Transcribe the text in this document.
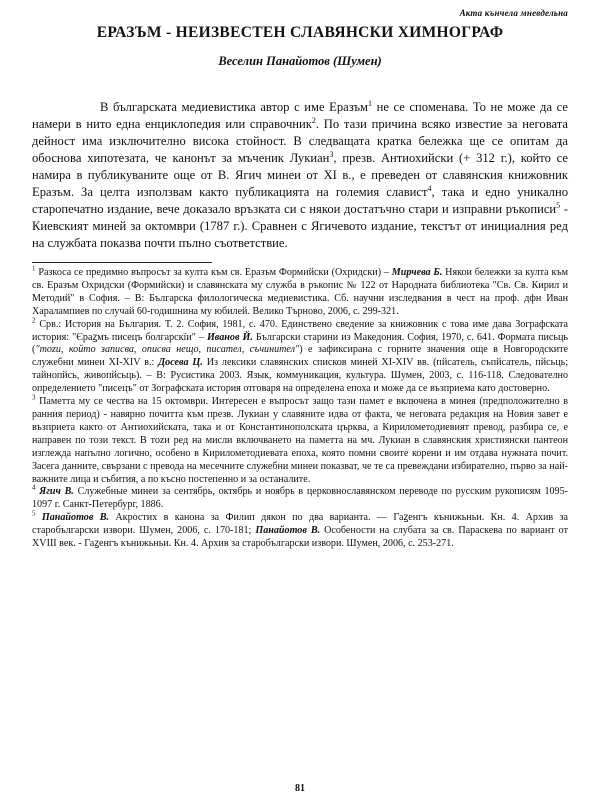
Акта кънчела мневдельна
ЕРАЗЪМ - НЕИЗВЕСТЕН СЛАВЯНСКИ ХИМНОГРАФ
Веселин Панайотов (Шумен)

В българската медиевистика автор с име Еразъм$^1$ не се споменава. То не може да се намери в нито една енциклопедия или справочник$^2$. По тази причина всяко известие за неговата дейност има изключително висока стойност. В следващата кратка бележка ще се опитам да обосновa хипотезата, че канонът за мъченик Лукиан$^3$, презв. Антиохийски (+ 312 г.), който се намира в публикуваните още от В. Ягич минеи от XI в., е преведен от славянския книжовник Еразъм. За целта използвам както публикацията на големия славист$^4$, така и едно уникално старопечатно издание, вече доказало връзката си с някои достатъчно стари и изправни ръкописи$^5$ - Киевският миней за октомври (1787 г.). Сравнен с Ягичевото издание, текстът от инициалния ред на службата показва почти пълно съответствие.

$^1$ Разкоса се предимно въпросът за култа към св. Еразъм Формийски (Охридски) – Мирчева Б. Някои бележки за култа към св. Еразъм Охридски (Формийски) и славянската му служба в ръкопис № 122 от Народната библиотека "Св. Св. Кирил и Методий" в София. – В: Българска филологическа медиевистика. Сб. научни изследвания в чест на проф. дфн Иван Харалампиев по случай 60-годишнина му юбилей. Велико Търново, 2006, с. 299-321.

$^2$ Срв.: История на България. Т. 2. София, 1981, с. 470. Единствено сведение за книжовник с това име дава Зографската история: "Єраꙁмъ писецъ болгарскїи" – Иванов Й. Български старини из Македония. София, 1970, с. 641. Формата письць ("тоzи, който записва, описва нещо, писател, съчинител") е зафиксирана с горните значения още в Новгородските служебни минеи XI-XIV в.: Досева Ц. Из лексики славянских списков миней XI-XIV вв. (пйсатель, съпйсатель, пйсьць; тайнопйсь, живопйсьць). – В: Русистика 2003. Язык, коммуникация, культура. Шумен, 2003, с. 116-118. Следователно определението "писецъ" от Зографската история отговаря на определена епоха и може да се възприема като достоверно.

$^3$ Паметта му се чества на 15 октомври. Интересен е въпросът защо тази памет е включена в минея (предположително в ранния период) - навярно почитта към презв. Лукиан у славяните идва от факта, че неговата редакция на Новия завет е възприета както от Антиохийската, така и от Константинополската църква, а Кирилометодиевият превод, разбира се, е направен по този текст. В тоzи ред на мисли включването на паметта на мч. Лукиан в славянския християнски пантеон изглежда напълно логично, особено в Кирилометодиевата епоха, която помни своите корени и им отдава нужната почит. Засега данните, свързани с превода на месечните служебни минеи показват, че те са превеждани избирателно, първо за най-важните лица и събития, а по късно постепенно и за останалите.

$^4$ Ягич В. Служебные минеи за сентябрь, октябрь и ноябрь в церковнославянском переводе по русским рукописям 1095-1097 г. Санкт-Петербург, 1886.

$^5$ Панайотов В. Акростих в канона за Филип дякон по два варианта. — Гаꙁенгъ кънижьньи. Кн. 4. Архив за старобългарски извори. Шумен, 2006, с. 170-181; Панайотов В. Особености на слубата за св. Параскева по вариант от XVIII век. - Гаꙁенгъ кънижьньи. Кн. 4. Архив за старобългарски извори. Шумен, 2006, с. 253-271.

81
